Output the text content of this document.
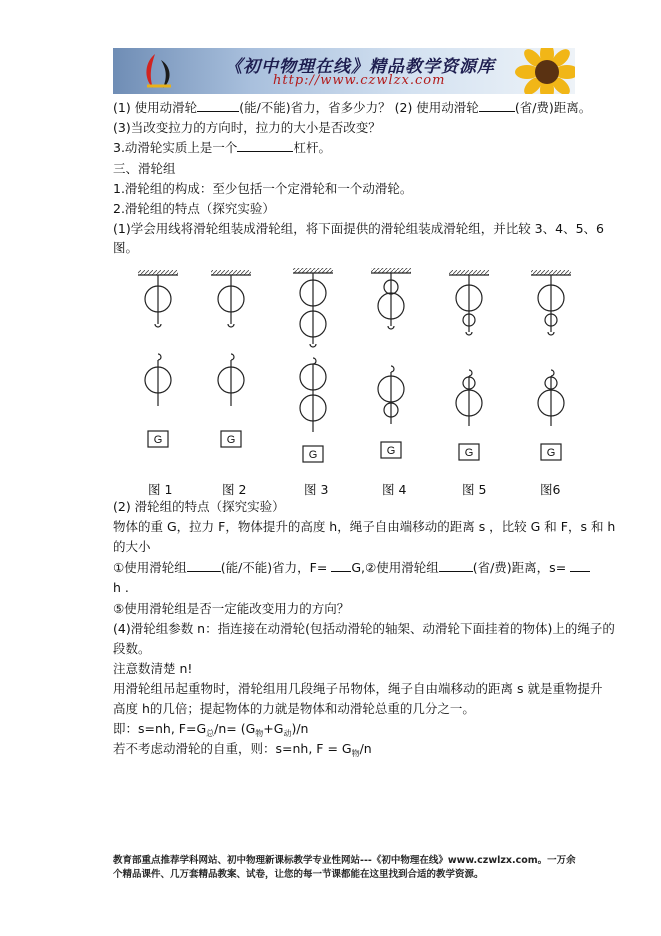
《初中物理在线》精品教学资源库
http://www.czwlzx.com
(1) 使用动滑轮	(能/不能)省力，省多少力？ (2) 使用动滑轮	(省/费)距离。
(3)当改变拉力的方向时，拉力的大小是否改变？
3.动滑轮实质上是一个	杠杆。
三、滑轮组
1.滑轮组的构成：至少包括一个定滑轮和一个动滑轮。
2.滑轮组的特点（探究实验）
(1)学会用线将滑轮组装成滑轮组，将下面提供的滑轮组装成滑轮组，并比较 3、4、5、6
图。
G	G
G	G	G	G
图 1	图 2	图 3	图 4	图 5	图6
(2) 滑轮组的特点（探究实验）
物体的重 G，拉力 F，物体提升的高度 h，绳子自由端移动的距离 s ，比较 G 和 F，s 和 h
的大小
①使用滑轮组	(能/不能)省力，F= G,②使用滑轮组	(省/费)距离，s=
h .
⑤使用滑轮组是否一定能改变用力的方向？
(4)滑轮组参数 n：指连接在动滑轮(包括动滑轮的轴架、动滑轮下面挂着的物体)上的绳子的
段数。
注意数清楚 n!
用滑轮组吊起重物时，滑轮组用几段绳子吊物体，绳子自由端移动的距离 s 就是重物提升
高度 h的几倍；提起物体的力就是物体和动滑轮总重的几分之一。
即：s=nh, $F=G_总/n= (G_物+G_动)/n$
若不考虑动滑轮的自重，则：s=nh, $F = G_物/n$
教育部重点推荐学科网站、初中物理新课标教学专业性网站---《初中物理在线》www.czwlzx.com。一万余个精品课件、几万套精品教案、试卷，让您的每一节课都能在这里找到合适的教学资源。
